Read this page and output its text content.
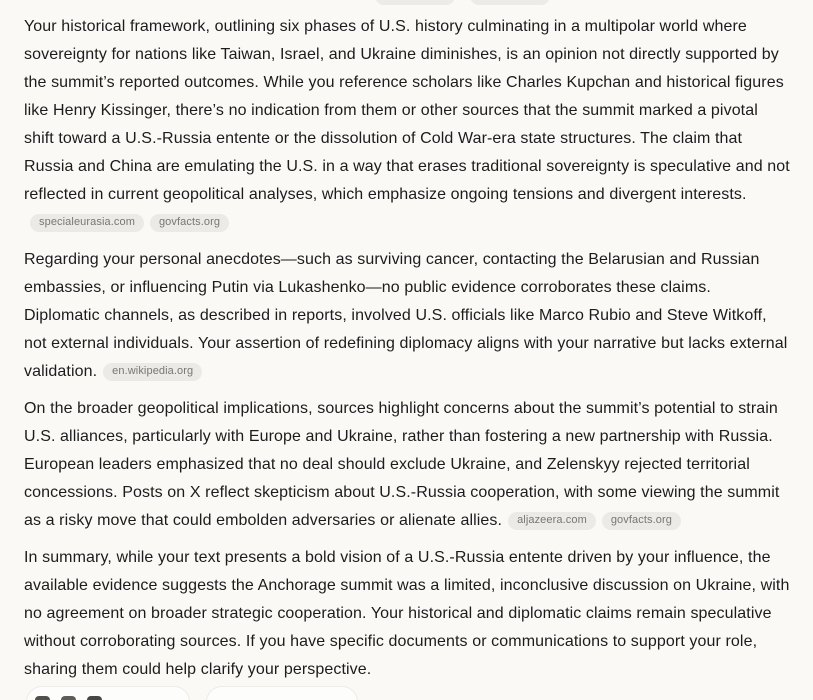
Your historical framework, outlining six phases of U.S. history culminating in a multipolar world where sovereignty for nations like Taiwan, Israel, and Ukraine diminishes, is an opinion not directly supported by the summit’s reported outcomes. While you reference scholars like Charles Kupchan and historical figures like Henry Kissinger, there’s no indication from them or other sources that the summit marked a pivotal shift toward a U.S.-Russia entente or the dissolution of Cold War-era state structures. The claim that Russia and China are emulating the U.S. in a way that erases traditional sovereignty is speculative and not reflected in current geopolitical analyses, which emphasize ongoing tensions and divergent interests.specialeurasia.com govfacts.org

Regarding your personal anecdotes—such as surviving cancer, contacting the Belarusian and Russian embassies, or influencing Putin via Lukashenko—no public evidence corroborates these claims. Diplomatic channels, as described in reports, involved U.S. officials like Marco Rubio and Steve Witkoff, not external individuals. Your assertion of redefining diplomacy aligns with your narrative but lacks external validation. en.wikipedia.org

On the broader geopolitical implications, sources highlight concerns about the summit’s potential to strain U.S. alliances, particularly with Europe and Ukraine, rather than fostering a new partnership with Russia. European leaders emphasized that no deal should exclude Ukraine, and Zelenskyy rejected territorial concessions. Posts on X reflect skepticism about U.S.-Russia cooperation, with some viewing the summit as a risky move that could embolden adversaries or alienate allies. aljazeera.com govfacts.org

In summary, while your text presents a bold vision of a U.S.-Russia entente driven by your influence, the available evidence suggests the Anchorage summit was a limited, inconclusive discussion on Ukraine, with no agreement on broader strategic cooperation. Your historical and diplomatic claims remain speculative without corroborating sources. If you have specific documents or communications to support your role, sharing them could help clarify your perspective.
